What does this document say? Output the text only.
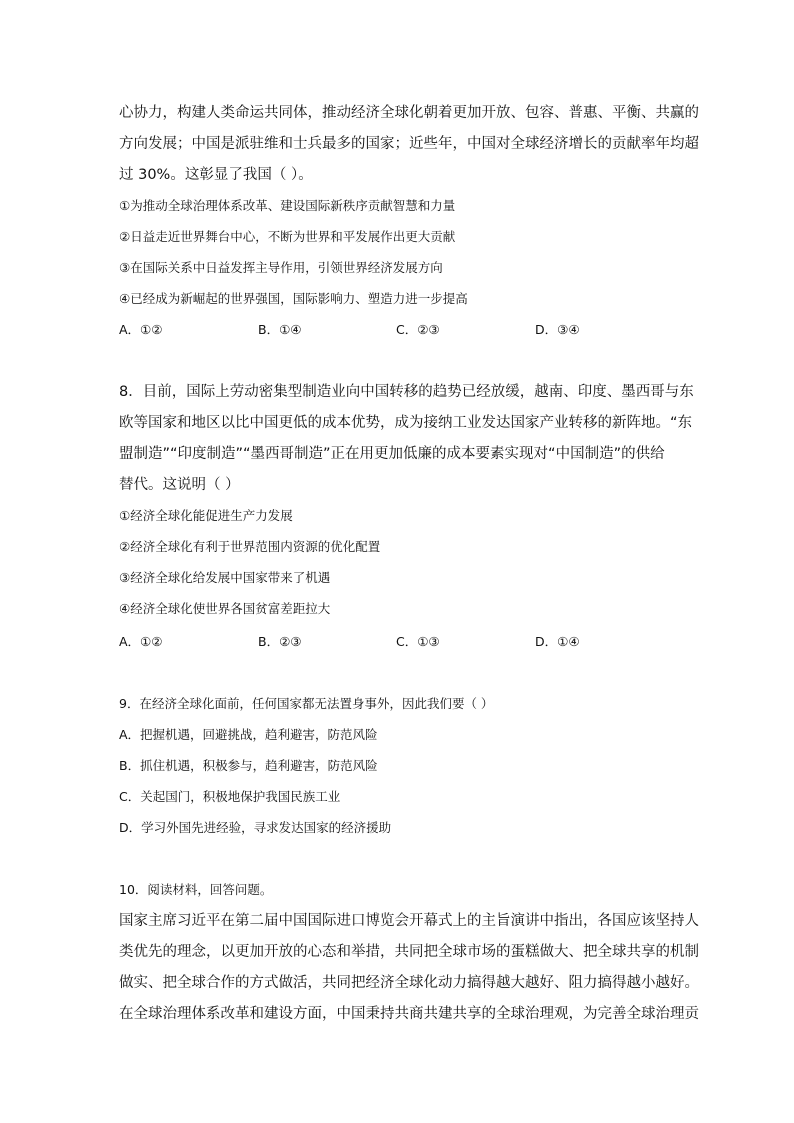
心协力，构建人类命运共同体，推动经济全球化朝着更加开放、包容、普惠、平衡、共赢的
方向发展；中国是派驻维和士兵最多的国家；近些年，中国对全球经济增长的贡献率年均超
过 30%。这彰显了我国（ ）。
①为推动全球治理体系改革、建设国际新秩序贡献智慧和力量
②日益走近世界舞台中心，不断为世界和平发展作出更大贡献
③在国际关系中日益发挥主导作用，引领世界经济发展方向
④已经成为新崛起的世界强国，国际影响力、塑造力进一步提高
A．①②	B．①④	C．②③	D．③④
8．目前，国际上劳动密集型制造业向中国转移的趋势已经放缓，越南、印度、墨西哥与东
欧等国家和地区以比中国更低的成本优势，成为接纳工业发达国家产业转移的新阵地。“东
盟制造”“印度制造”“墨西哥制造”正在用更加低廉的成本要素实现对“中国制造”的供给
替代。这说明（ ）
①经济全球化能促进生产力发展
②经济全球化有利于世界范围内资源的优化配置
③经济全球化给发展中国家带来了机遇
④经济全球化使世界各国贫富差距拉大
A．①②	B．②③	C．①③	D．①④
9．在经济全球化面前，任何国家都无法置身事外，因此我们要（ ）
A．把握机遇，回避挑战，趋利避害，防范风险
B．抓住机遇，积极参与，趋利避害，防范风险
C．关起国门，积极地保护我国民族工业
D．学习外国先进经验，寻求发达国家的经济援助
10．阅读材料，回答问题。
国家主席习近平在第二届中国国际进口博览会开幕式上的主旨演讲中指出，各国应该坚持人
类优先的理念，以更加开放的心态和举措，共同把全球市场的蛋糕做大、把全球共享的机制
做实、把全球合作的方式做活，共同把经济全球化动力搞得越大越好、阻力搞得越小越好。
在全球治理体系改革和建设方面，中国秉持共商共建共享的全球治理观，为完善全球治理贡
